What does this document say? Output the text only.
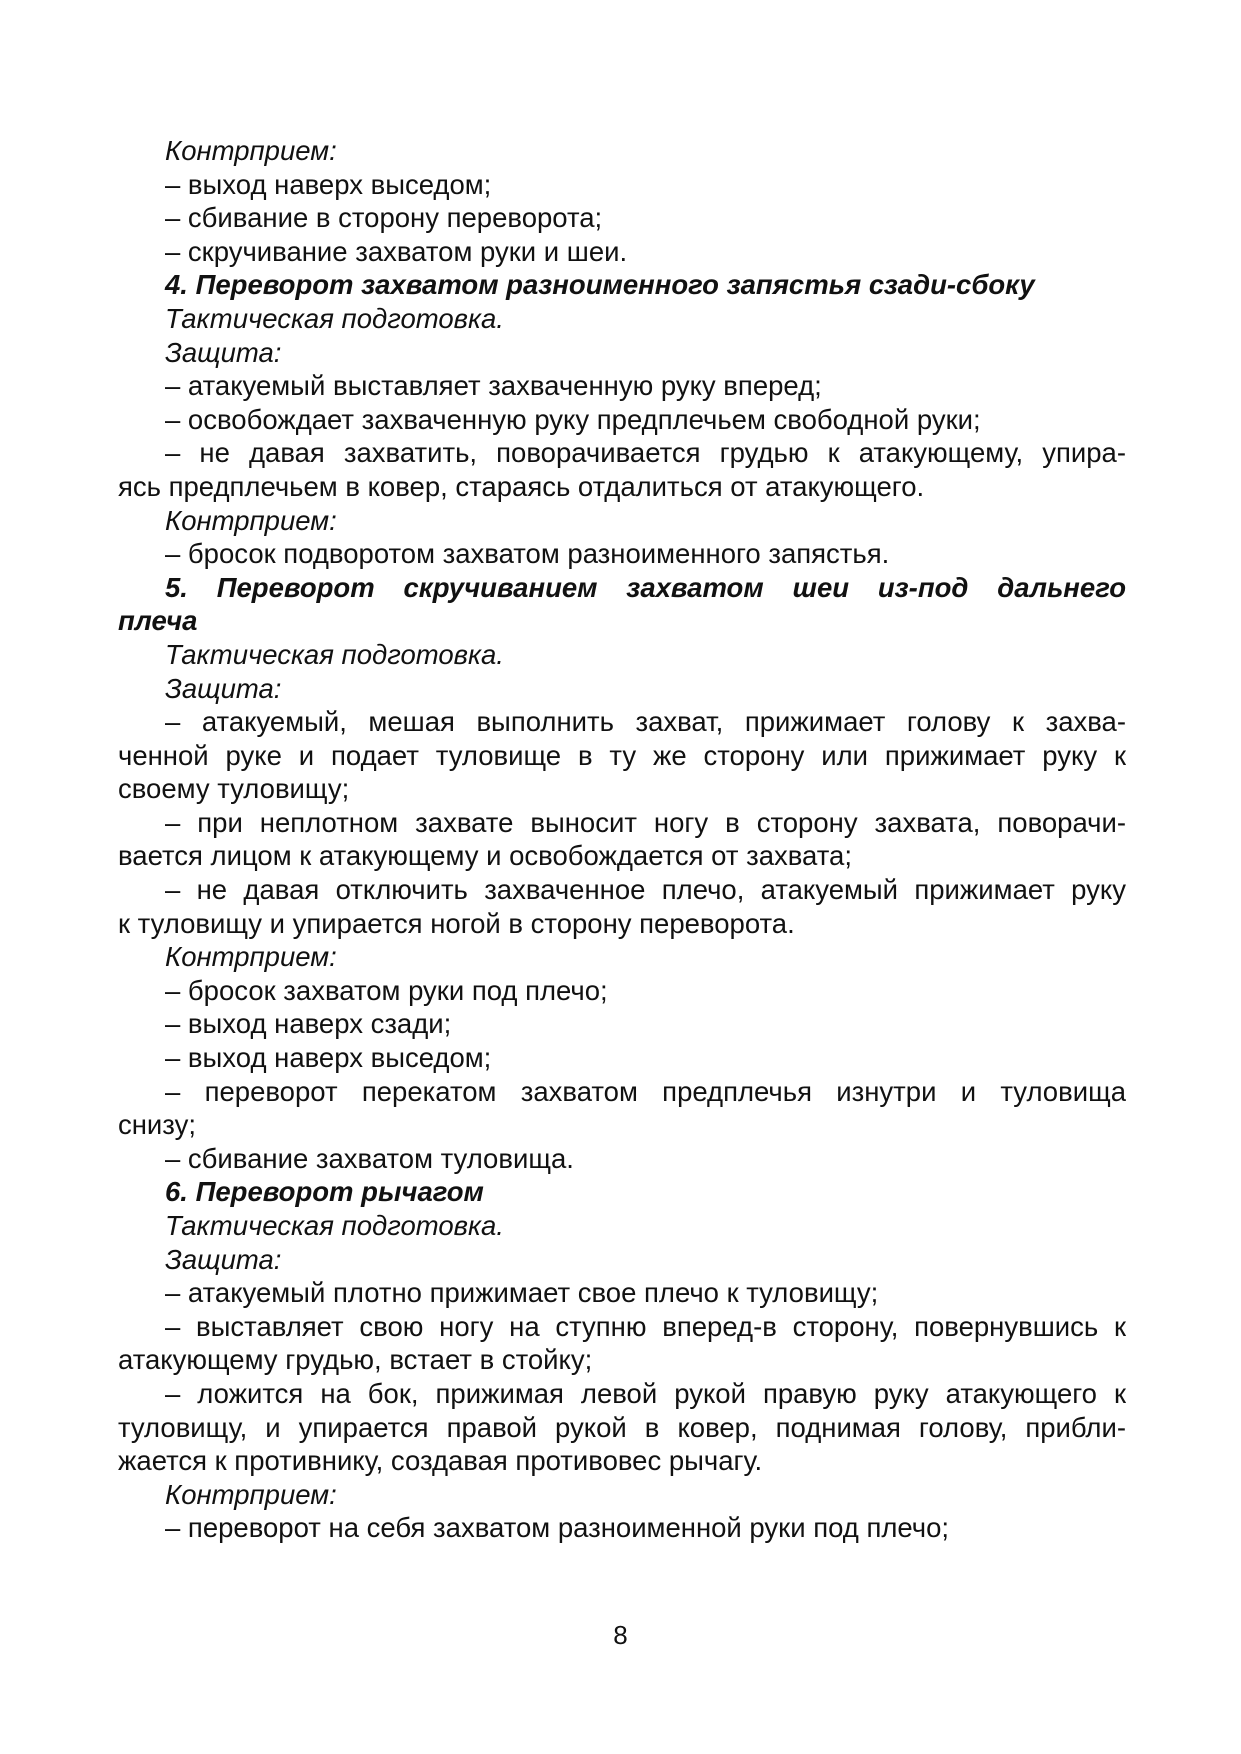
Контрприем:
– выход наверх выседом;
– сбивание в сторону переворота;
– скручивание захватом руки и шеи.
4. Переворот захватом разноименного запястья сзади-сбоку
Тактическая подготовка.
Защита:
– атакуемый выставляет захваченную руку вперед;
– освобождает захваченную руку предплечьем свободной руки;
– не давая захватить, поворачивается грудью к атакующему, упира-
ясь предплечьем в ковер, стараясь отдалиться от атакующего.
Контрприем:
– бросок подворотом захватом разноименного запястья.
5. Переворот скручиванием захватом шеи из-под дальнего
плеча
Тактическая подготовка.
Защита:
– атакуемый, мешая выполнить захват, прижимает голову к захва-
ченной руке и подает туловище в ту же сторону или прижимает руку к
своему туловищу;
– при неплотном захвате выносит ногу в сторону захвата, поворачи-
вается лицом к атакующему и освобождается от захвата;
– не давая отключить захваченное плечо, атакуемый прижимает руку
к туловищу и упирается ногой в сторону переворота.
Контрприем:
– бросок захватом руки под плечо;
– выход наверх сзади;
– выход наверх выседом;
– переворот перекатом захватом предплечья изнутри и туловища
снизу;
– сбивание захватом туловища.
6. Переворот рычагом
Тактическая подготовка.
Защита:
– атакуемый плотно прижимает свое плечо к туловищу;
– выставляет свою ногу на ступню вперед-в сторону, повернувшись к
атакующему грудью, встает в стойку;
– ложится на бок, прижимая левой рукой правую руку атакующего к
туловищу, и упирается правой рукой в ковер, поднимая голову, прибли-
жается к противнику, создавая противовес рычагу.
Контрприем:
– переворот на себя захватом разноименной руки под плечо;
8
